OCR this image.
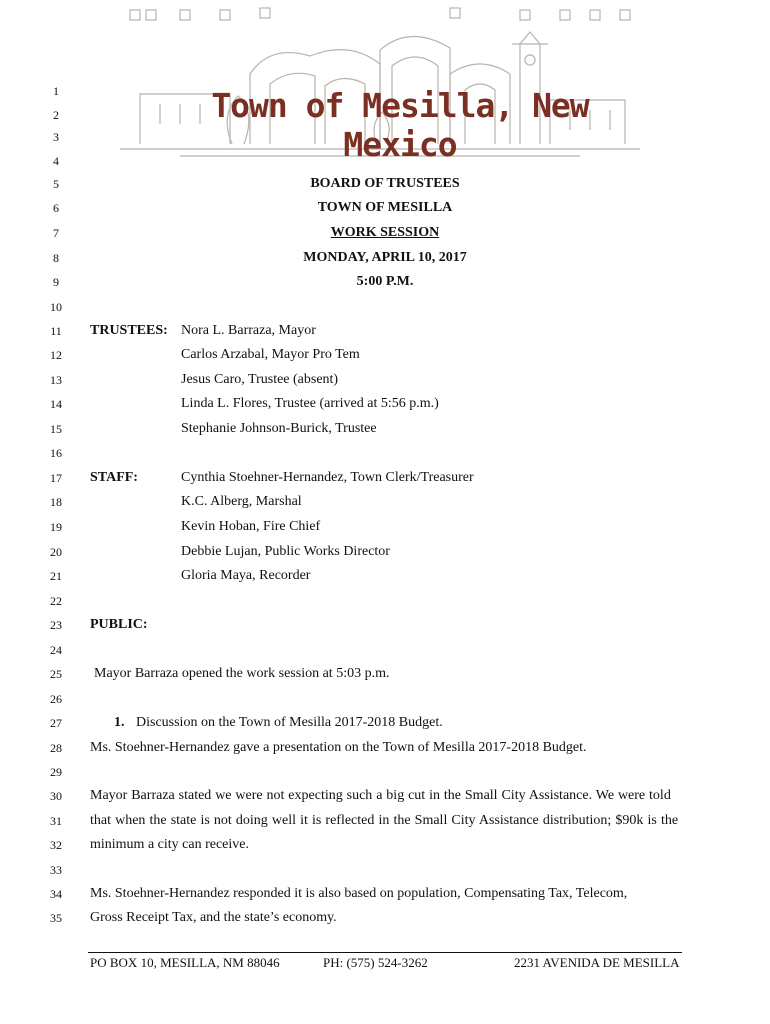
Town of Mesilla, New Mexico
1
2
3
4
5
6
7
8
9
10
11
12
13
14
15
16
17
18
19
20
21
22
23
24
25
26
27
28
29
30
31
32
33
34
35
BOARD OF TRUSTEES
TOWN OF MESILLA
WORK SESSION
MONDAY, APRIL 10, 2017
5:00 P.M.
TRUSTEES: Nora L. Barraza, Mayor
Carlos Arzabal, Mayor Pro Tem
Jesus Caro, Trustee (absent)
Linda L. Flores, Trustee (arrived at 5:56 p.m.)
Stephanie Johnson-Burick, Trustee
STAFF:	Cynthia Stoehner-Hernandez, Town Clerk/Treasurer
K.C. Alberg, Marshal
Kevin Hoban, Fire Chief
Debbie Lujan, Public Works Director
Gloria Maya, Recorder
PUBLIC:
Mayor Barraza opened the work session at 5:03 p.m.
1. Discussion on the Town of Mesilla 2017-2018 Budget.
Ms. Stoehner-Hernandez gave a presentation on the Town of Mesilla 2017-2018 Budget.
Mayor Barraza stated we were not expecting such a big cut in the Small City Assistance. We were told
that when the state is not doing well it is reflected in the Small City Assistance distribution; $90k is the
minimum a city can receive.
Ms. Stoehner-Hernandez responded it is also based on population, Compensating Tax, Telecom,
Gross Receipt Tax, and the state’s economy.
PO BOX 10, MESILLA, NM 88046	PH: (575) 524-3262	2231 AVENIDA DE MESILLA
